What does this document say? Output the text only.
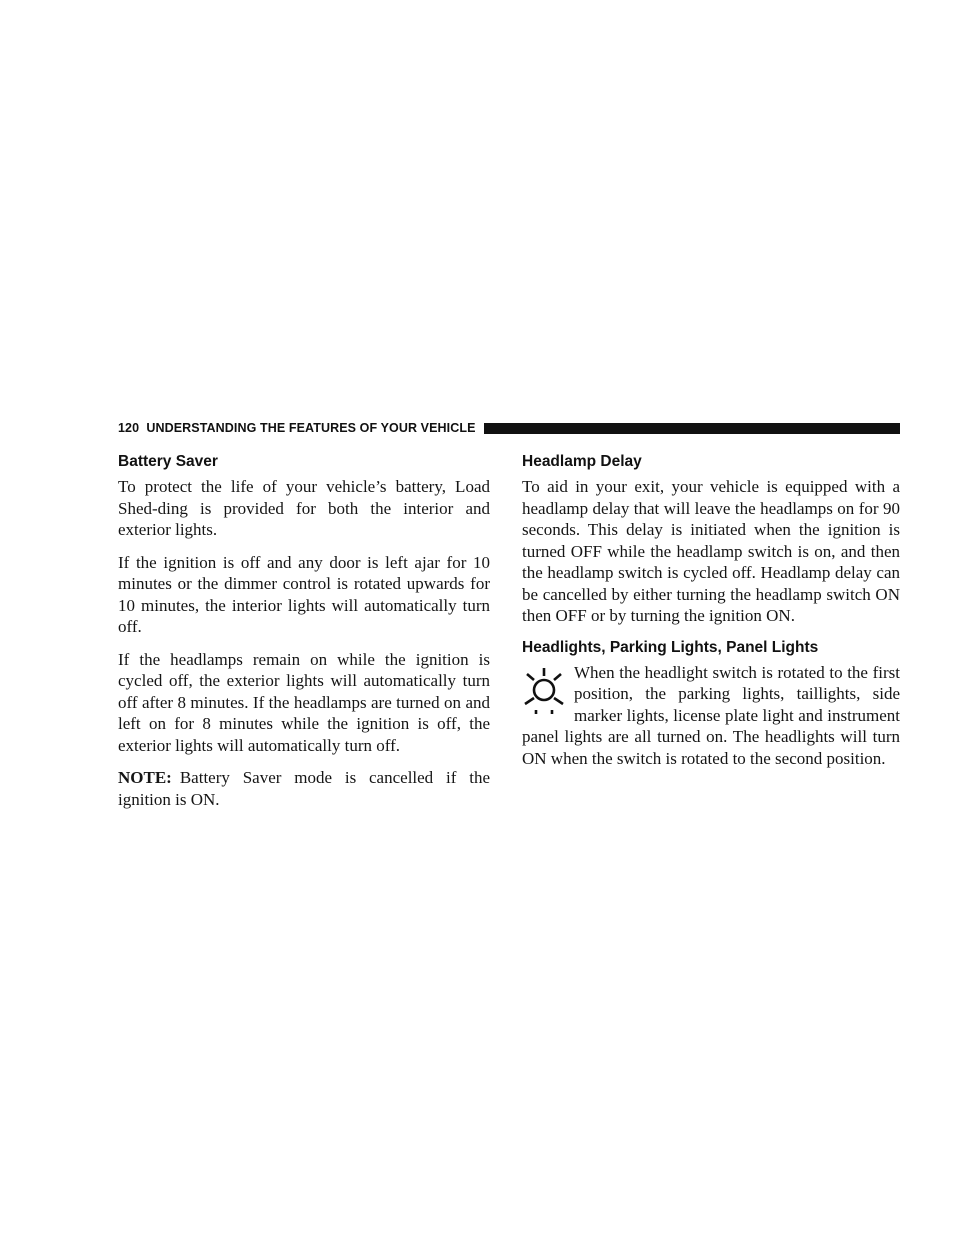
120 UNDERSTANDING THE FEATURES OF YOUR VEHICLE
Battery Saver

To protect the life of your vehicle’s battery, Load Shed-ding is provided for both the interior and exterior lights.

If the ignition is off and any door is left ajar for 10 minutes or the dimmer control is rotated upwards for 10 minutes, the interior lights will automatically turn off.

If the headlamps remain on while the ignition is cycled off, the exterior lights will automatically turn off after 8 minutes. If the headlamps are turned on and left on for 8 minutes while the ignition is off, the exterior lights will automatically turn off.

NOTE: Battery Saver mode is cancelled if the ignition is ON.

Headlamp Delay

To aid in your exit, your vehicle is equipped with a headlamp delay that will leave the headlamps on for 90 seconds. This delay is initiated when the ignition is turned OFF while the headlamp switch is on, and then the headlamp switch is cycled off. Headlamp delay can be cancelled by either turning the headlamp switch ON then OFF or by turning the ignition ON.

Headlights, Parking Lights, Panel Lights

When the headlight switch is rotated to the first position, the parking lights, taillights, side marker lights, license plate light and instrument panel lights are all turned on. The headlights will turn ON when the switch is rotated to the second position.
